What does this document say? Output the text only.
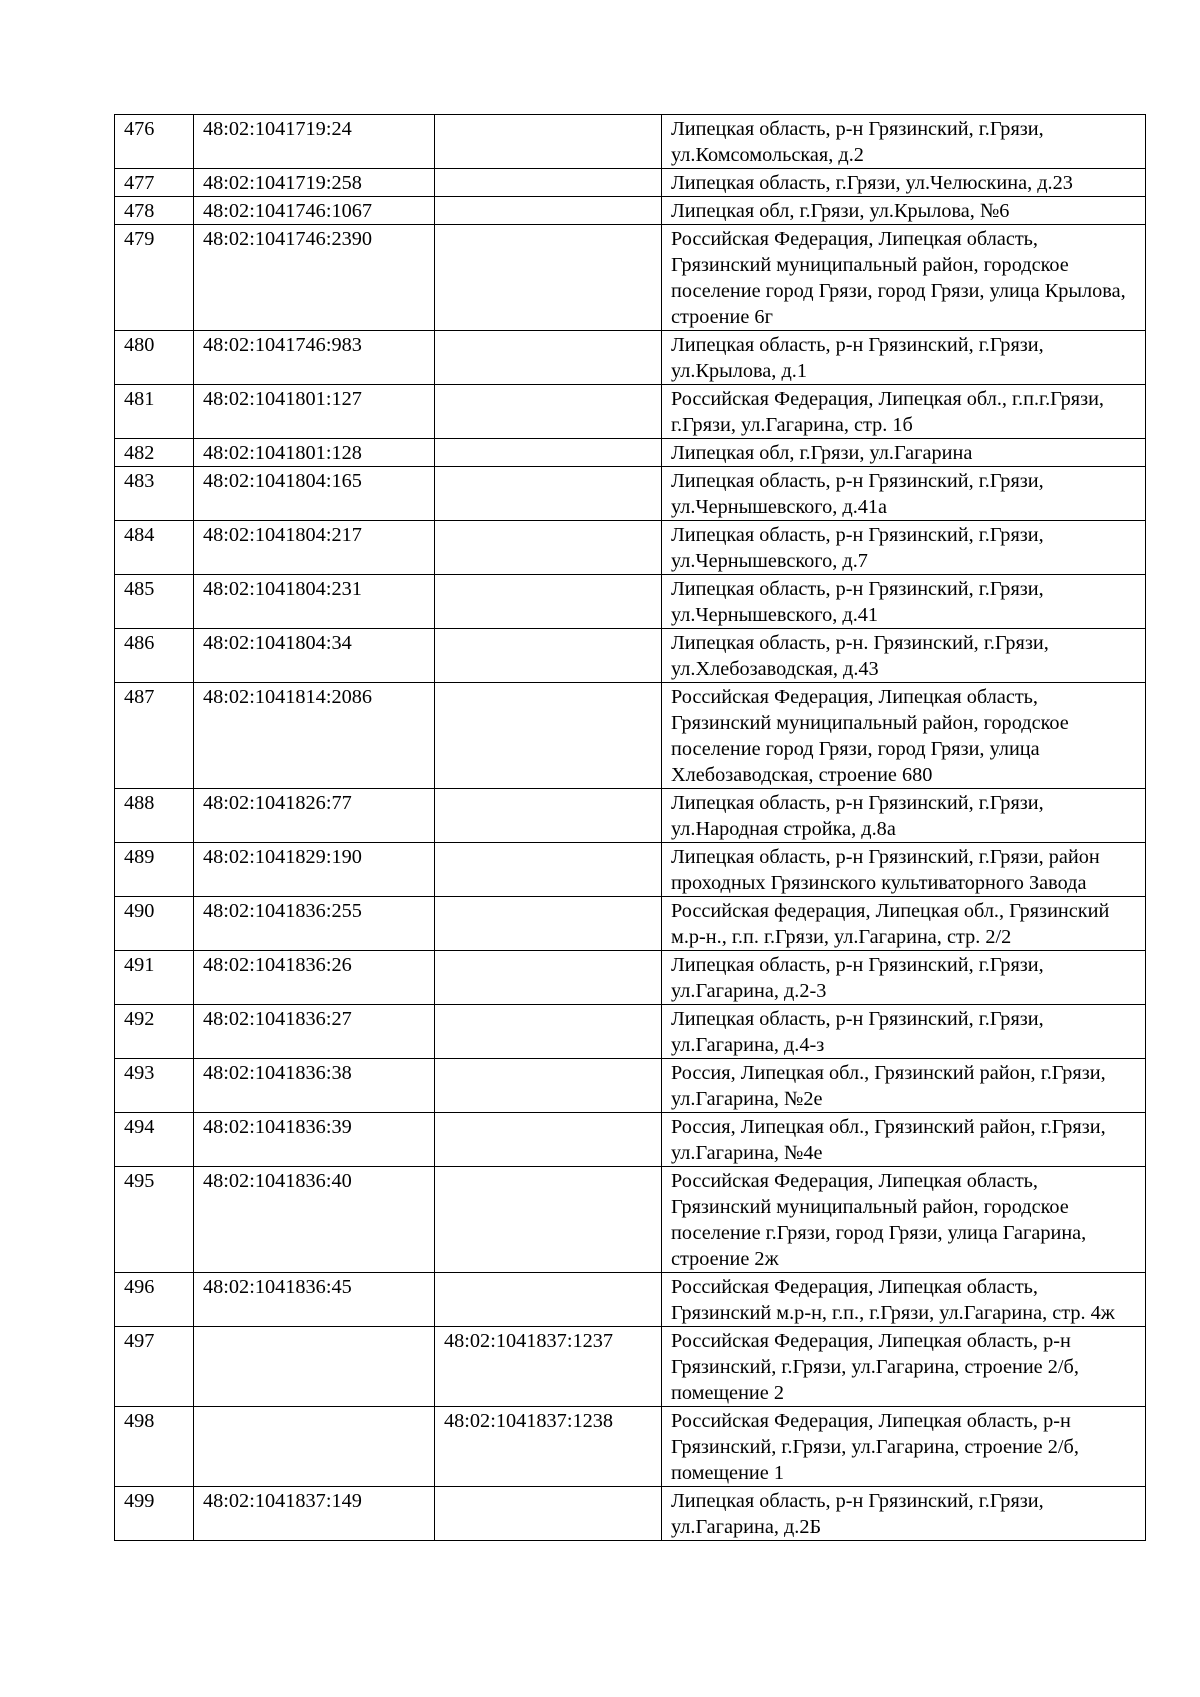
476	48:02:1041719:24		Липецкая область, р-н Грязинский, г.Грязи, ул.Комсомольская, д.2
477	48:02:1041719:258		Липецкая область, г.Грязи, ул.Челюскина, д.23
478	48:02:1041746:1067		Липецкая обл, г.Грязи, ул.Крылова, №6
479	48:02:1041746:2390		Российская Федерация, Липецкая область, Грязинский муниципальный район, городское поселение город Грязи, город Грязи, улица Крылова, строение 6г
480	48:02:1041746:983		Липецкая область, р-н Грязинский, г.Грязи, ул.Крылова, д.1
481	48:02:1041801:127		Российская Федерация, Липецкая обл., г.п.г.Грязи, г.Грязи, ул.Гагарина, стр. 1б
482	48:02:1041801:128		Липецкая обл, г.Грязи, ул.Гагарина
483	48:02:1041804:165		Липецкая область, р-н Грязинский, г.Грязи, ул.Чернышевского, д.41а
484	48:02:1041804:217		Липецкая область, р-н Грязинский, г.Грязи, ул.Чернышевского, д.7
485	48:02:1041804:231		Липецкая область, р-н Грязинский, г.Грязи, ул.Чернышевского, д.41
486	48:02:1041804:34		Липецкая область, р-н. Грязинский, г.Грязи, ул.Хлебозаводская, д.43
487	48:02:1041814:2086		Российская Федерация, Липецкая область, Грязинский муниципальный район, городское поселение город Грязи, город Грязи, улица Хлебозаводская, строение 680
488	48:02:1041826:77		Липецкая область, р-н Грязинский, г.Грязи, ул.Народная стройка, д.8а
489	48:02:1041829:190		Липецкая область, р-н Грязинский, г.Грязи, район проходных Грязинского культиваторного Завода
490	48:02:1041836:255		Российская федерация, Липецкая обл., Грязинский м.р-н., г.п. г.Грязи, ул.Гагарина, стр. 2/2
491	48:02:1041836:26		Липецкая область, р-н Грязинский, г.Грязи, ул.Гагарина, д.2-3
492	48:02:1041836:27		Липецкая область, р-н Грязинский, г.Грязи, ул.Гагарина, д.4-з
493	48:02:1041836:38		Россия, Липецкая обл., Грязинский район, г.Грязи, ул.Гагарина, №2е
494	48:02:1041836:39		Россия, Липецкая обл., Грязинский район, г.Грязи, ул.Гагарина, №4е
495	48:02:1041836:40		Российская Федерация, Липецкая область, Грязинский муниципальный район, городское поселение г.Грязи, город Грязи, улица Гагарина, строение 2ж
496	48:02:1041836:45		Российская Федерация, Липецкая область, Грязинский м.р-н, г.п., г.Грязи, ул.Гагарина, стр. 4ж
497		48:02:1041837:1237	Российская Федерация, Липецкая область, р-н Грязинский, г.Грязи, ул.Гагарина, строение 2/б, помещение 2
498		48:02:1041837:1238	Российская Федерация, Липецкая область, р-н Грязинский, г.Грязи, ул.Гагарина, строение 2/б, помещение 1
499	48:02:1041837:149		Липецкая область, р-н Грязинский, г.Грязи, ул.Гагарина, д.2Б
